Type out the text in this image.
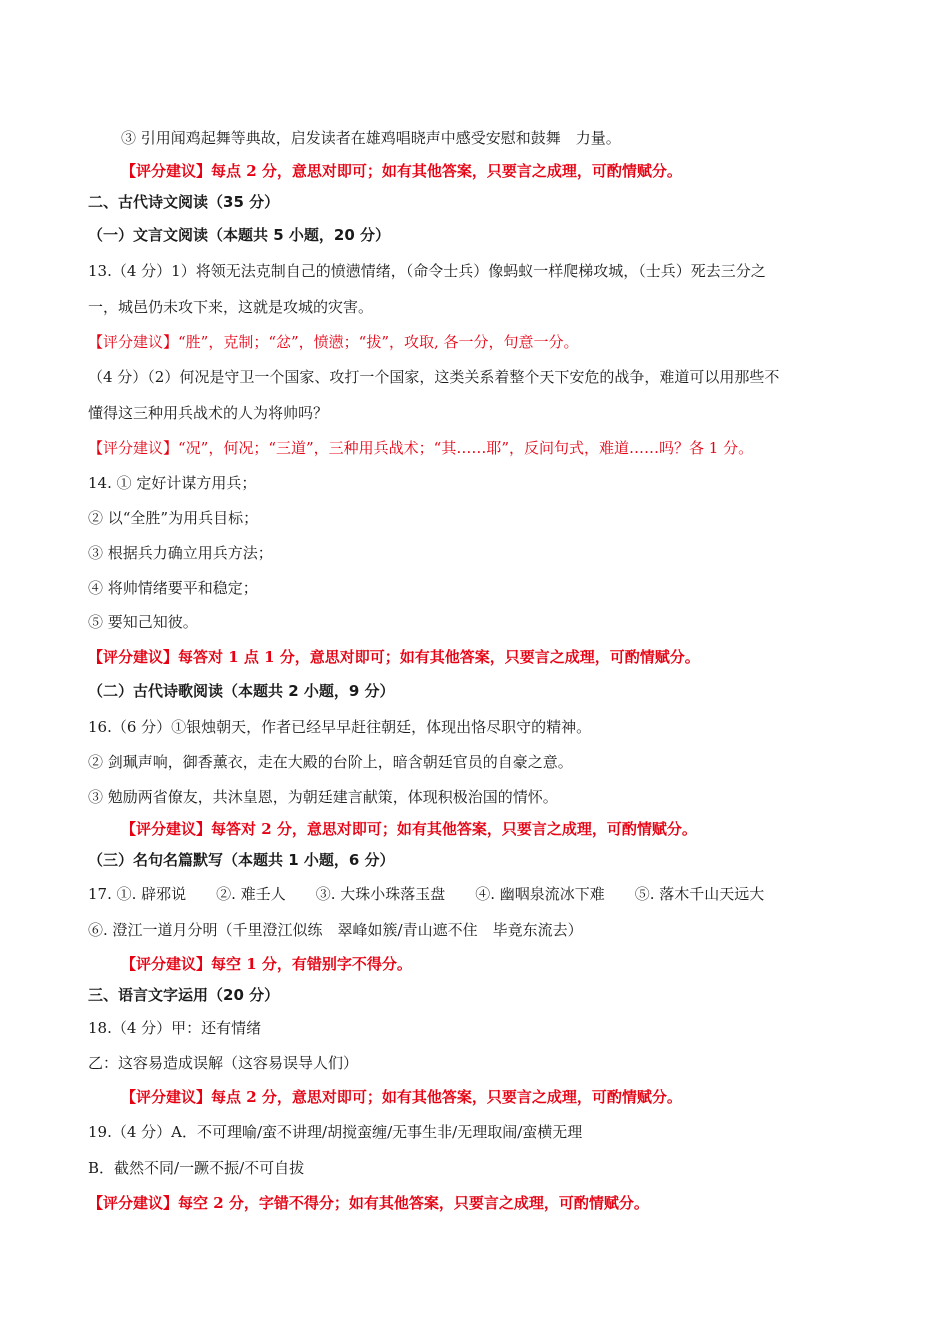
③ 引用闻鸡起舞等典故，启发读者在雄鸡唱晓声中感受安慰和鼓舞　力量。
【评分建议】每点 2 分，意思对即可；如有其他答案，只要言之成理，可酌情赋分。
二、古代诗文阅读（35 分）
（一）文言文阅读（本题共 5 小题，20 分）
13.（4 分）1）将领无法克制自己的愤懑情绪，（命令士兵）像蚂蚁一样爬梯攻城，（士兵）死去三分之
一，城邑仍未攻下来，这就是攻城的灾害。
【评分建议】“胜”，克制；“忿”，愤懑；“拔”，攻取, 各一分，句意一分。
（4 分）（2）何况是守卫一个国家、攻打一个国家，这类关系着整个天下安危的战争，难道可以用那些不
懂得这三种用兵战术的人为将帅吗？
【评分建议】“况”，何况；“三道”，三种用兵战术；“其……耶”，反问句式，难道……吗？各 1 分。
14. ① 定好计谋方用兵；
② 以“全胜”为用兵目标；
③ 根据兵力确立用兵方法；
④ 将帅情绪要平和稳定；
⑤ 要知己知彼。
【评分建议】每答对 1 点 1 分，意思对即可；如有其他答案，只要言之成理，可酌情赋分。
（二）古代诗歌阅读（本题共 2 小题，9 分）
16.（6 分）①银烛朝天，作者已经早早赶往朝廷，体现出恪尽职守的精神。
② 剑珮声响，御香薰衣，走在大殿的台阶上，暗含朝廷官员的自豪之意。
③ 勉励两省僚友，共沐皇恩，为朝廷建言献策，体现积极治国的情怀。
【评分建议】每答对 2 分，意思对即可；如有其他答案，只要言之成理，可酌情赋分。
（三）名句名篇默写（本题共 1 小题，6 分）
17. ①. 辟邪说　　②. 难壬人　　③. 大珠小珠落玉盘　　④. 幽咽泉流冰下难　　⑤. 落木千山天远大
⑥. 澄江一道月分明（千里澄江似练　翠峰如簇/青山遮不住　毕竟东流去）
【评分建议】每空 1 分，有错别字不得分。
三、语言文字运用（20 分）
18.（4 分）甲：还有情绪
乙：这容易造成误解（这容易误导人们）
【评分建议】每点 2 分，意思对即可；如有其他答案，只要言之成理，可酌情赋分。
19.（4 分）A．不可理喻/蛮不讲理/胡搅蛮缠/无事生非/无理取闹/蛮横无理
B．截然不同/一蹶不振/不可自拔
【评分建议】每空 2 分，字错不得分；如有其他答案，只要言之成理，可酌情赋分。
